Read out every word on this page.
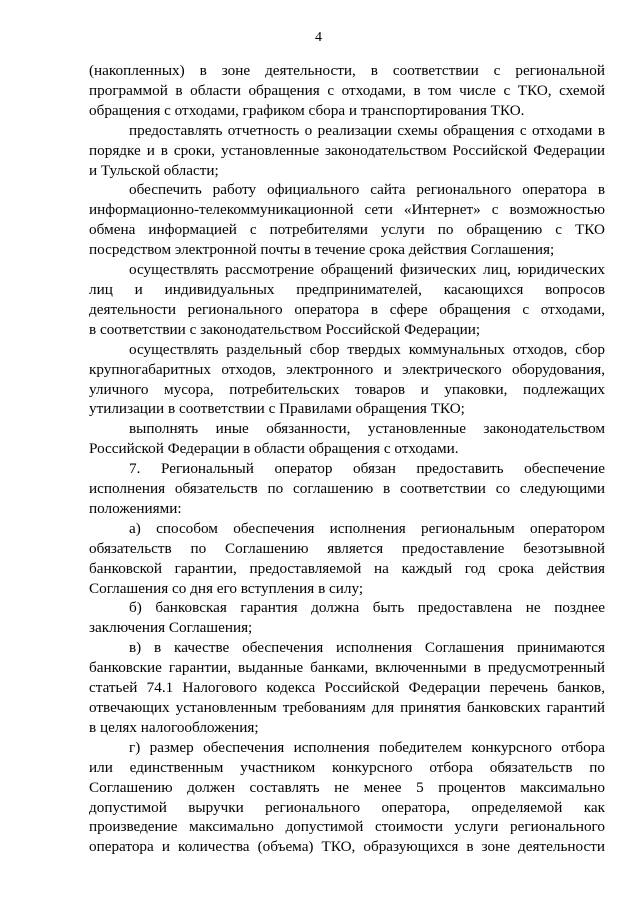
4
(накопленных) в зоне деятельности, в соответствии с региональной
программой в области обращения с отходами, в том числе с ТКО, схемой
обращения с отходами, графиком сбора и транспортирования ТКО.
предоставлять отчетность о реализации схемы обращения с отходами в
порядке и в сроки, установленные законодательством Российской Федерации
и Тульской области;
обеспечить работу официального сайта регионального оператора в
информационно-телекоммуникационной сети «Интернет» с возможностью
обмена информацией с потребителями услуги по обращению с ТКО
посредством электронной почты в течение срока действия Соглашения;
осуществлять рассмотрение обращений физических лиц, юридических
лиц и индивидуальных предпринимателей, касающихся вопросов
деятельности регионального оператора в сфере обращения с отходами,
в соответствии с законодательством Российской Федерации;
осуществлять раздельный сбор твердых коммунальных отходов, сбор
крупногабаритных отходов, электронного и электрического оборудования,
уличного мусора, потребительских товаров и упаковки, подлежащих
утилизации в соответствии с Правилами обращения ТКО;
выполнять иные обязанности, установленные законодательством
Российской Федерации в области обращения с отходами.
7. Региональный оператор обязан предоставить обеспечение
исполнения обязательств по соглашению в соответствии со следующими
положениями:
а) способом обеспечения исполнения региональным оператором
обязательств по Соглашению является предоставление безотзывной
банковской гарантии, предоставляемой на каждый год срока действия
Соглашения со дня его вступления в силу;
б) банковская гарантия должна быть предоставлена не позднее
заключения Соглашения;
в) в качестве обеспечения исполнения Соглашения принимаются
банковские гарантии, выданные банками, включенными в предусмотренный
статьей 74.1 Налогового кодекса Российской Федерации перечень банков,
отвечающих установленным требованиям для принятия банковских гарантий
в целях налогообложения;
г) размер обеспечения исполнения победителем конкурсного отбора
или единственным участником конкурсного отбора обязательств по
Соглашению должен составлять не менее 5 процентов максимально
допустимой выручки регионального оператора, определяемой как
произведение максимально допустимой стоимости услуги регионального
оператора и количества (объема) ТКО, образующихся в зоне деятельности
